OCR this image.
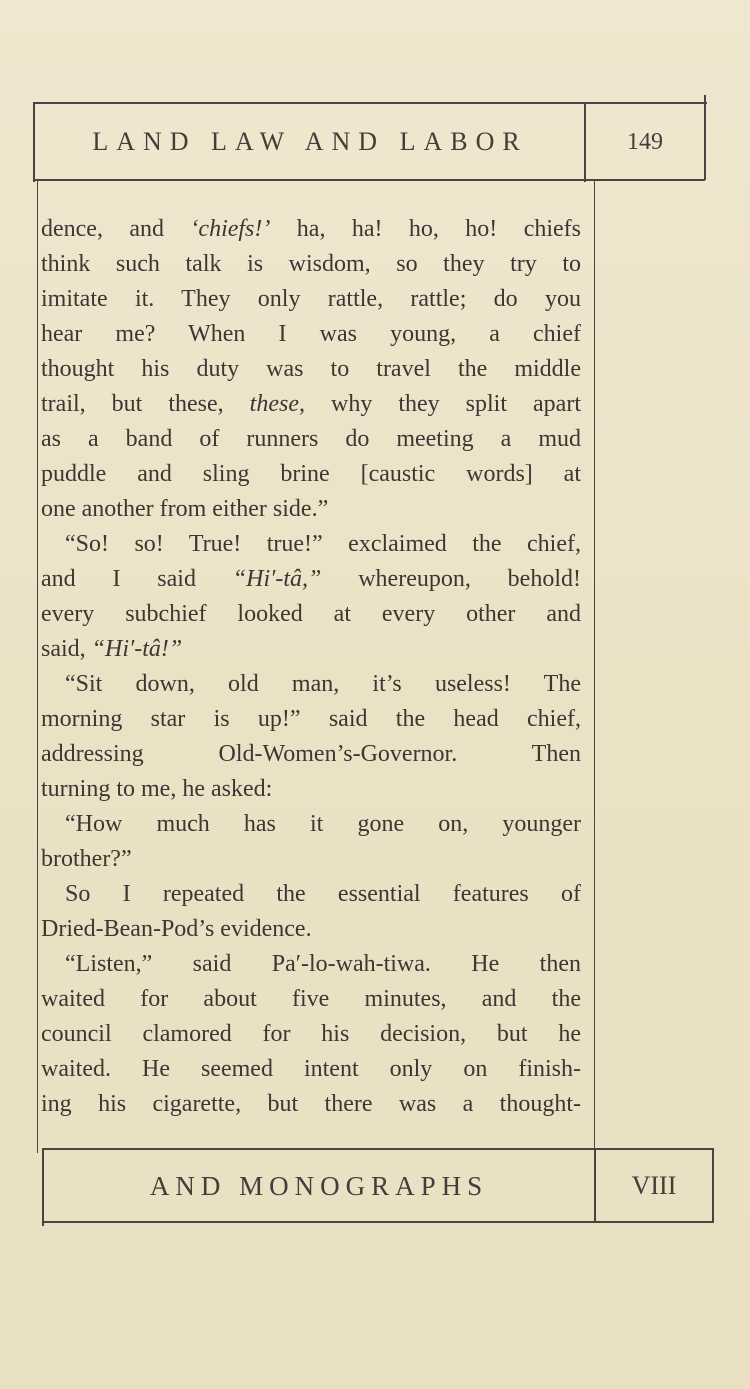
LAND LAW AND LABOR	149
dence, and ‘chiefs!’ ha, ha! ho, ho! chiefs
think such talk is wisdom, so they try to
imitate it. They only rattle, rattle; do you
hear me? When I was young, a chief
thought his duty was to travel the middle
trail, but these, these, why they split apart
as a band of runners do meeting a mud
puddle and sling brine [caustic words] at
one another from either side.”
“So! so! True! true!” exclaimed the chief,
and I said “Hi′-tâ,” whereupon, behold!
every subchief looked at every other and
said, “Hi′-tâ!”
“Sit down, old man, it’s useless! The
morning star is up!” said the head chief,
addressing Old-Women’s-Governor. Then
turning to me, he asked:
“How much has it gone on, younger
brother?”
So I repeated the essential features of
Dried-Bean-Pod’s evidence.
“Listen,” said Pa′-lo-wah-tiwa. He then
waited for about five minutes, and the
council clamored for his decision, but he
waited. He seemed intent only on finish-
ing his cigarette, but there was a thought-
AND MONOGRAPHS	VIII
